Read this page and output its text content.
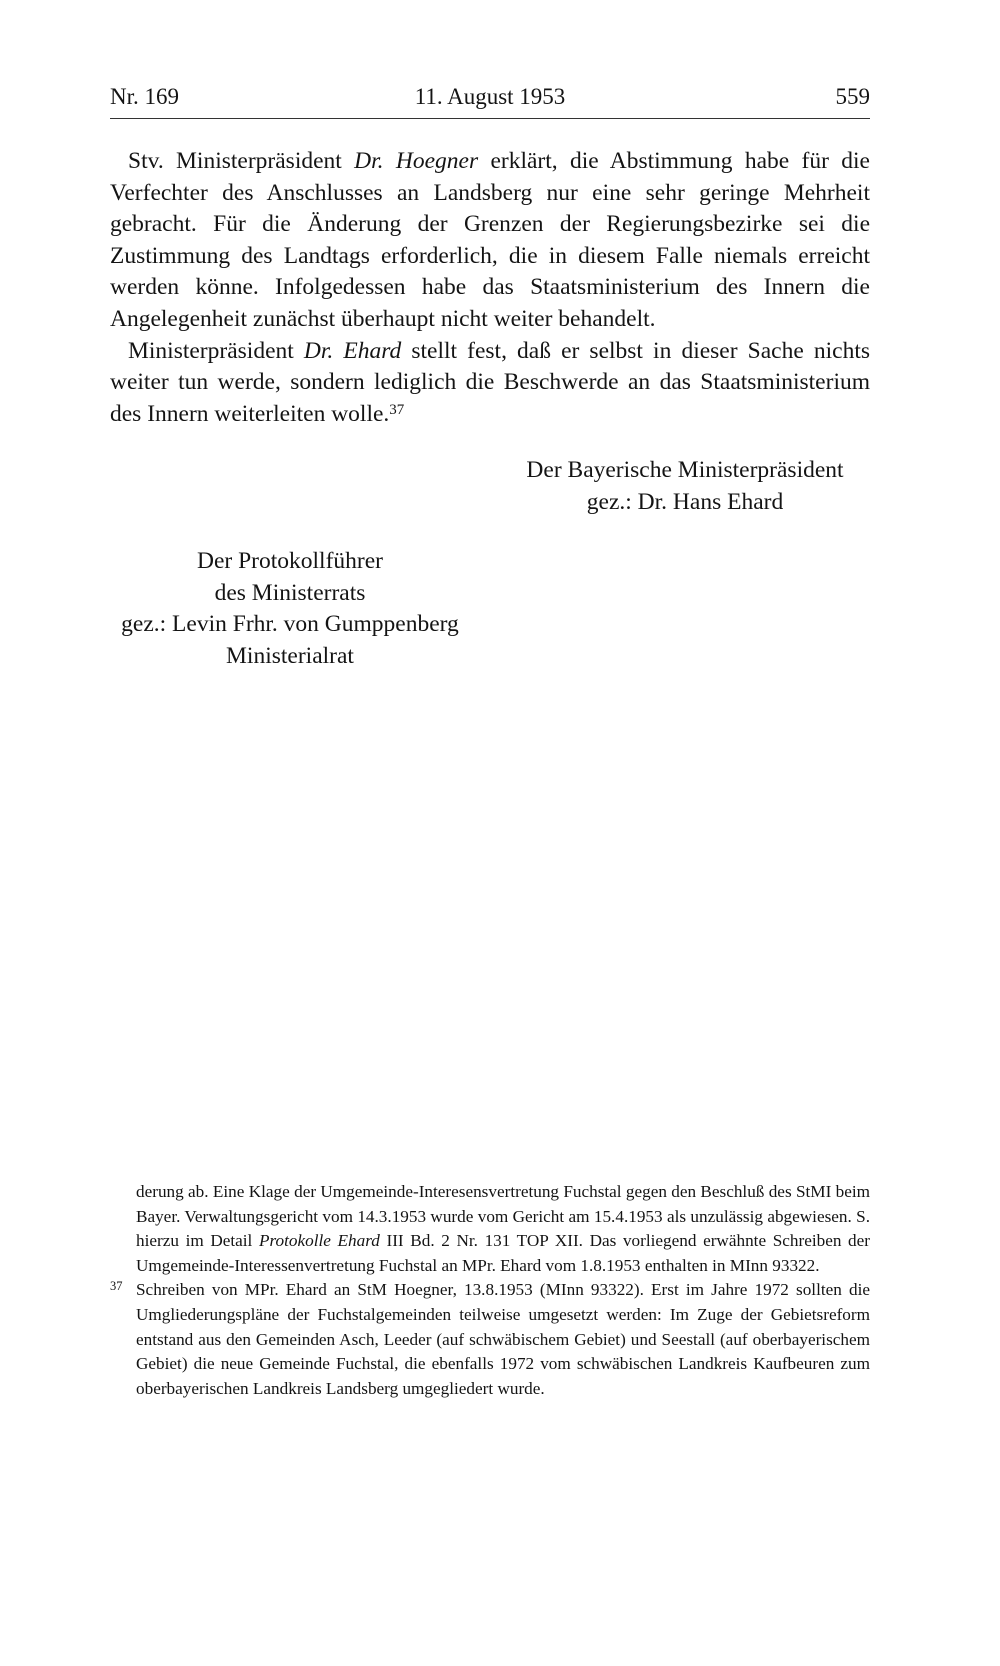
11. August 1953
Nr. 169	559

Stv. Ministerpräsident Dr. Hoegner erklärt, die Abstimmung habe für die Verfechter des Anschlusses an Landsberg nur eine sehr geringe Mehrheit gebracht. Für die Änderung der Grenzen der Regierungsbezirke sei die Zustimmung des Landtags erforderlich, die in diesem Falle niemals erreicht werden könne. Infolgedessen habe das Staatsministerium des Innern die Angelegenheit zunächst überhaupt nicht weiter behandelt.

Ministerpräsident Dr. Ehard stellt fest, daß er selbst in dieser Sache nichts weiter tun werde, sondern lediglich die Beschwerde an das Staatsministerium des Innern weiterleiten wolle.$^{37}$

Der Bayerische Ministerpräsident
gez.: Dr. Hans Ehard
Der Protokollführer
des Ministerrats
gez.: Levin Frhr. von Gumppenberg
Ministerialrat

derung ab. Eine Klage der Umgemeinde-Interesensvertretung Fuchstal gegen den Beschluß des StMI beim Bayer. Verwaltungsgericht vom 14.3.1953 wurde vom Gericht am 15.4.1953 als unzulässig abgewiesen. S. hierzu im Detail Protokolle Ehard III Bd. 2 Nr. 131 TOP XII. Das vorliegend erwähnte Schreiben der Umgemeinde-Interessenvertretung Fuchstal an MPr. Ehard vom 1.8.1953 enthalten in MInn 93322.

37 Schreiben von MPr. Ehard an StM Hoegner, 13.8.1953 (MInn 93322). Erst im Jahre 1972 sollten die Umgliederungspläne der Fuchstalgemeinden teilweise umgesetzt werden: Im Zuge der Gebietsreform entstand aus den Gemeinden Asch, Leeder (auf schwäbischem Gebiet) und Seestall (auf oberbayerischem Gebiet) die neue Gemeinde Fuchstal, die ebenfalls 1972 vom schwäbischen Landkreis Kaufbeuren zum oberbayerischen Landkreis Landsberg umgegliedert wurde.
